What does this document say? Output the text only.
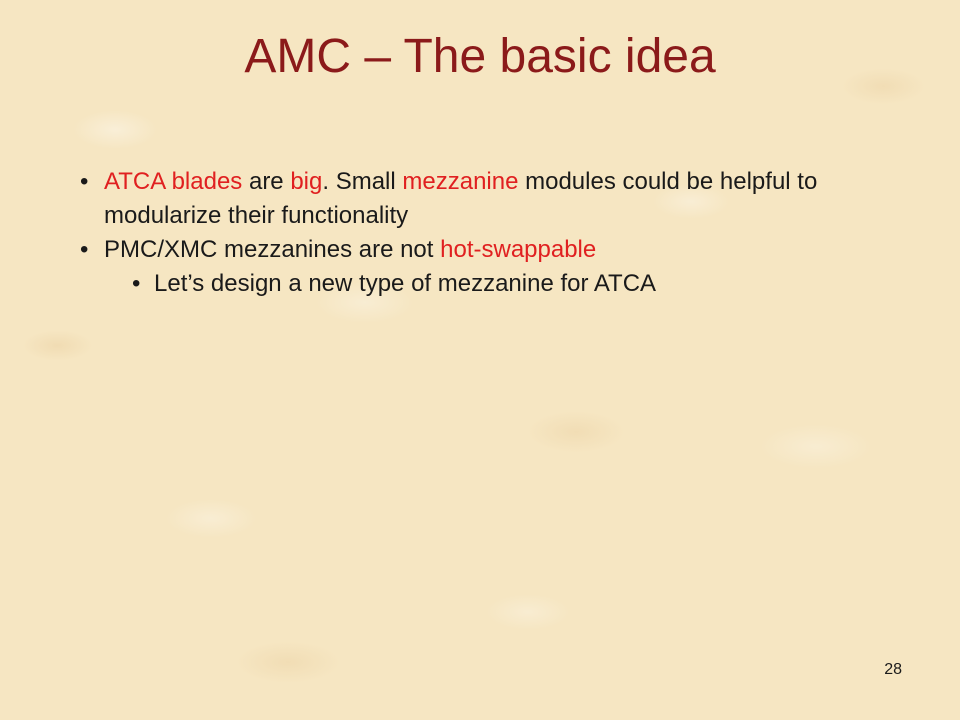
AMC – The basic idea
• ATCA blades are big. Small mezzanine modules could be helpful to modularize their functionality
• PMC/XMC mezzanines are not hot-swappable
• Let’s design a new type of mezzanine for ATCA
28
